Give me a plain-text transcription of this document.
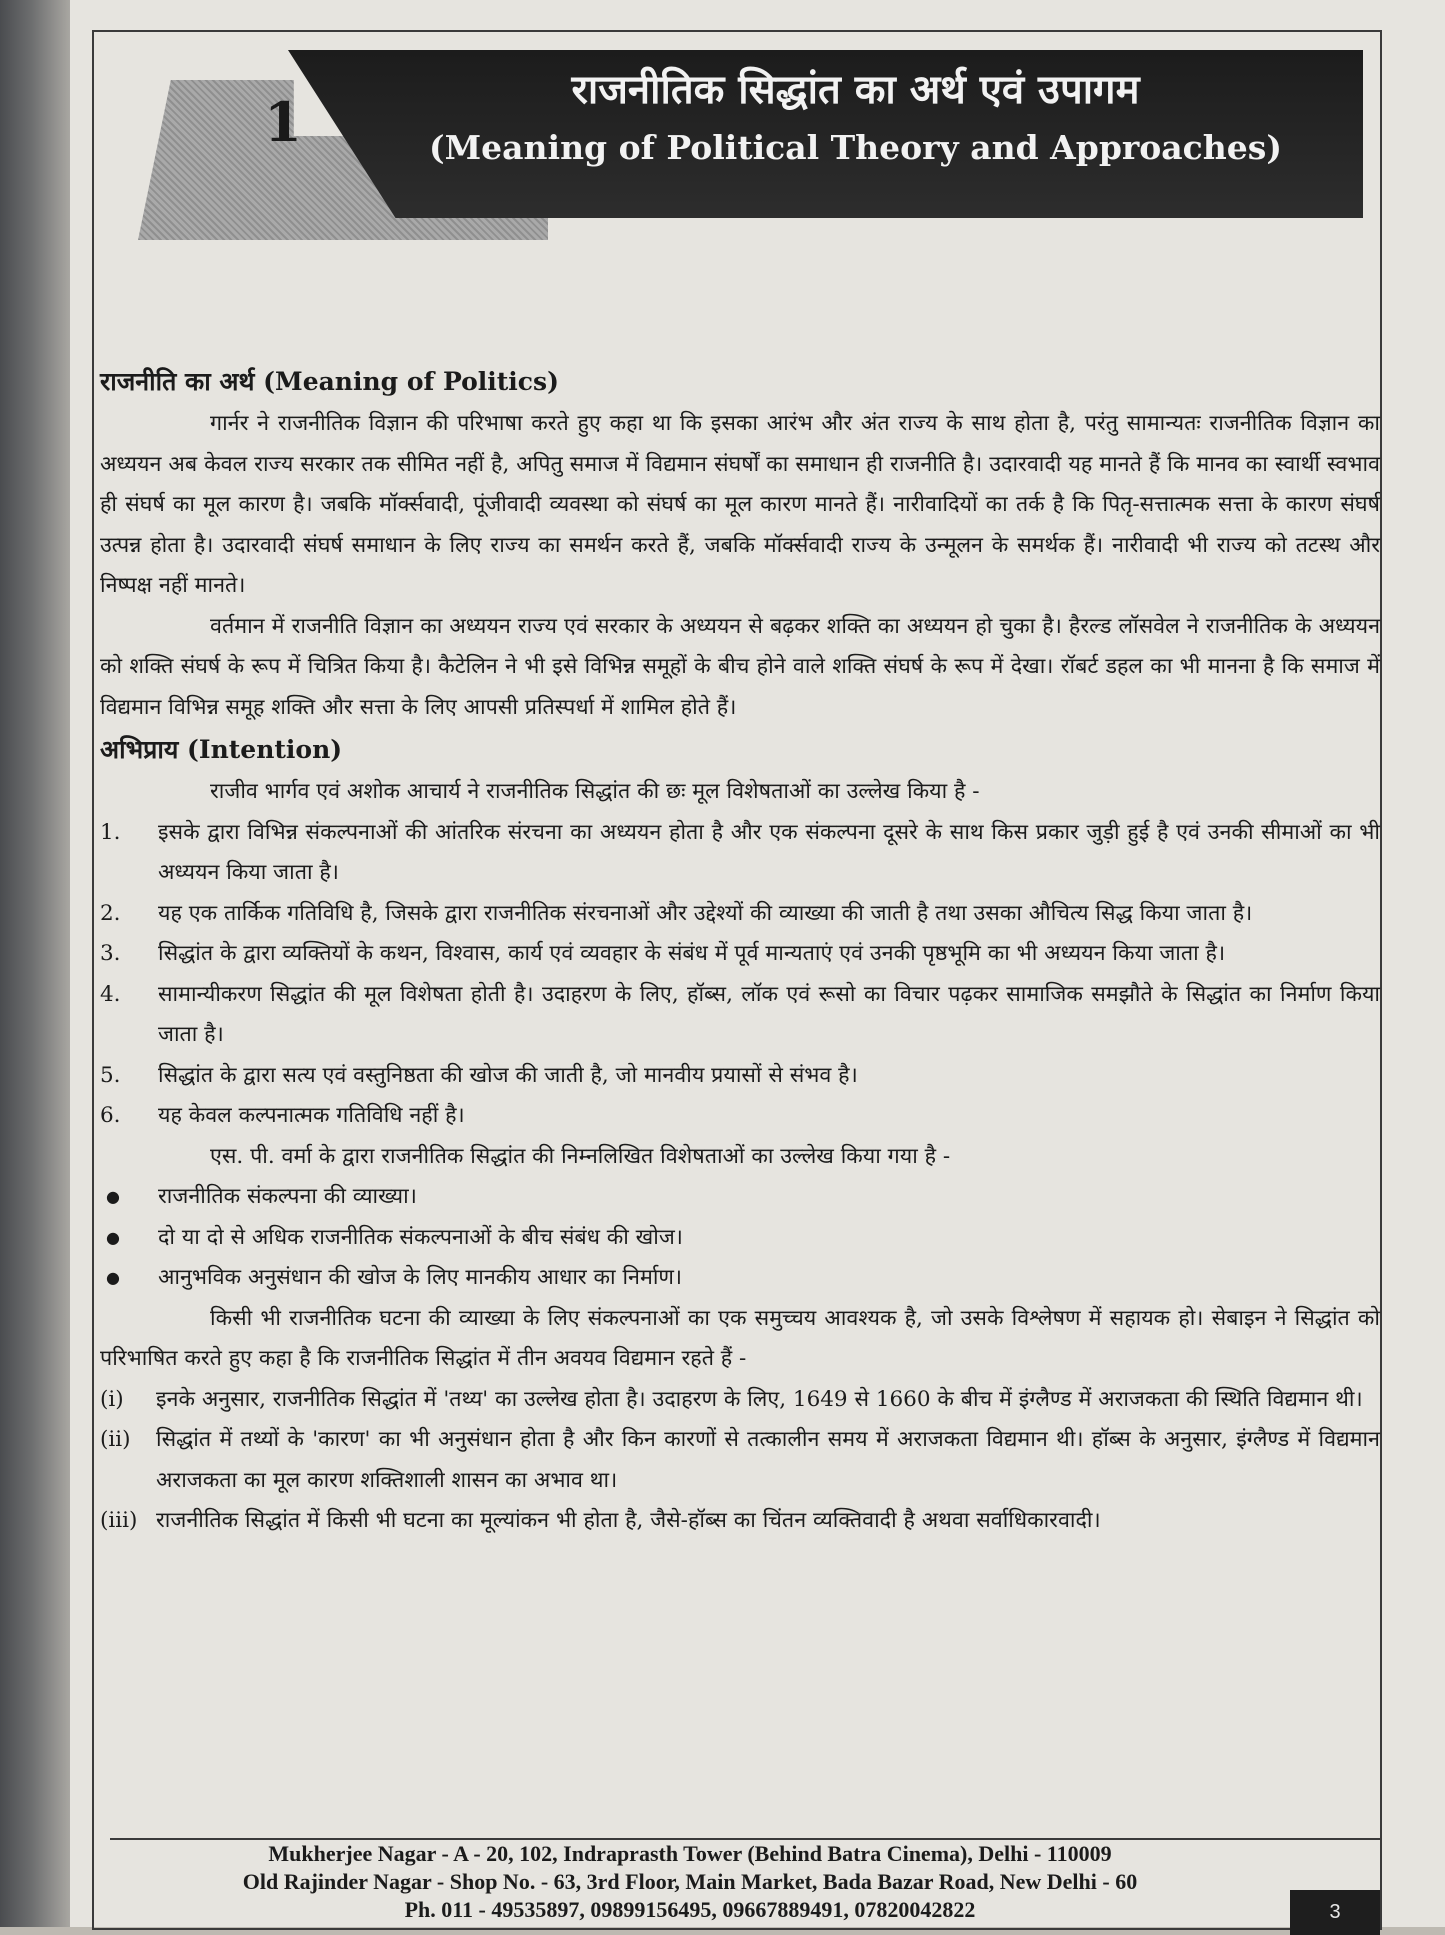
1
राजनीतिक सिद्धांत का अर्थ एवं उपागम
(Meaning of Political Theory and Approaches)

राजनीति का अर्थ (Meaning of Politics)

गार्नर ने राजनीतिक विज्ञान की परिभाषा करते हुए कहा था कि इसका आरंभ और अंत राज्य के साथ होता है, परंतु सामान्यतः राजनीतिक विज्ञान का अध्ययन अब केवल राज्य सरकार तक सीमित नहीं है, अपितु समाज में विद्यमान संघर्षों का समाधान ही राजनीति है। उदारवादी यह मानते हैं कि मानव का स्वार्थी स्वभाव ही संघर्ष का मूल कारण है। जबकि मॉर्क्सवादी, पूंजीवादी व्यवस्था को संघर्ष का मूल कारण मानते हैं। नारीवादियों का तर्क है कि पितृ-सत्तात्मक सत्ता के कारण संघर्ष उत्पन्न होता है। उदारवादी संघर्ष समाधान के लिए राज्य का समर्थन करते हैं, जबकि मॉर्क्सवादी राज्य के उन्मूलन के समर्थक हैं। नारीवादी भी राज्य को तटस्थ और निष्पक्ष नहीं मानते।

वर्तमान में राजनीति विज्ञान का अध्ययन राज्य एवं सरकार के अध्ययन से बढ़कर शक्ति का अध्ययन हो चुका है। हैरल्ड लॉसवेल ने राजनीतिक के अध्ययन को शक्ति संघर्ष के रूप में चित्रित किया है। कैटेलिन ने भी इसे विभिन्न समूहों के बीच होने वाले शक्ति संघर्ष के रूप में देखा। रॉबर्ट डहल का भी मानना है कि समाज में विद्यमान विभिन्न समूह शक्ति और सत्ता के लिए आपसी प्रतिस्पर्धा में शामिल होते हैं।

अभिप्राय (Intention)

राजीव भार्गव एवं अशोक आचार्य ने राजनीतिक सिद्धांत की छः मूल विशेषताओं का उल्लेख किया है -

1.	इसके द्वारा विभिन्न संकल्पनाओं की आंतरिक संरचना का अध्ययन होता है और एक संकल्पना दूसरे के साथ किस प्रकार जुड़ी हुई है एवं उनकी सीमाओं का भी अध्ययन किया जाता है।
2.	यह एक तार्किक गतिविधि है, जिसके द्वारा राजनीतिक संरचनाओं और उद्देश्यों की व्याख्या की जाती है तथा उसका औचित्य सिद्ध किया जाता है।
3.	सिद्धांत के द्वारा व्यक्तियों के कथन, विश्वास, कार्य एवं व्यवहार के संबंध में पूर्व मान्यताएं एवं उनकी पृष्ठभूमि का भी अध्ययन किया जाता है।
4.	सामान्यीकरण सिद्धांत की मूल विशेषता होती है। उदाहरण के लिए, हॉब्स, लॉक एवं रूसो का विचार पढ़कर सामाजिक समझौते के सिद्धांत का निर्माण किया जाता है।
5.	सिद्धांत के द्वारा सत्य एवं वस्तुनिष्ठता की खोज की जाती है, जो मानवीय प्रयासों से संभव है।
6.	यह केवल कल्पनात्मक गतिविधि नहीं है।

एस. पी. वर्मा के द्वारा राजनीतिक सिद्धांत की निम्नलिखित विशेषताओं का उल्लेख किया गया है -

●	राजनीतिक संकल्पना की व्याख्या।
●	दो या दो से अधिक राजनीतिक संकल्पनाओं के बीच संबंध की खोज।
●	आनुभविक अनुसंधान की खोज के लिए मानकीय आधार का निर्माण।

किसी भी राजनीतिक घटना की व्याख्या के लिए संकल्पनाओं का एक समुच्चय आवश्यक है, जो उसके विश्लेषण में सहायक हो। सेबाइन ने सिद्धांत को परिभाषित करते हुए कहा है कि राजनीतिक सिद्धांत में तीन अवयव विद्यमान रहते हैं -

(i)	इनके अनुसार, राजनीतिक सिद्धांत में 'तथ्य' का उल्लेख होता है। उदाहरण के लिए, 1649 से 1660 के बीच में इंग्लैण्ड में अराजकता की स्थिति विद्यमान थी।
(ii)	सिद्धांत में तथ्यों के 'कारण' का भी अनुसंधान होता है और किन कारणों से तत्कालीन समय में अराजकता विद्यमान थी। हॉब्स के अनुसार, इंग्लैण्ड में विद्यमान अराजकता का मूल कारण शक्तिशाली शासन का अभाव था।
(iii) राजनीतिक सिद्धांत में किसी भी घटना का मूल्यांकन भी होता है, जैसे-हॉब्स का चिंतन व्यक्तिवादी है अथवा सर्वाधिकारवादी।
Mukherjee Nagar - A - 20, 102, Indraprasth Tower (Behind Batra Cinema), Delhi - 110009
Old Rajinder Nagar - Shop No. - 63, 3rd Floor, Main Market, Bada Bazar Road, New Delhi - 60
Ph. 011 - 49535897, 09899156495, 09667889491, 07820042822	3
